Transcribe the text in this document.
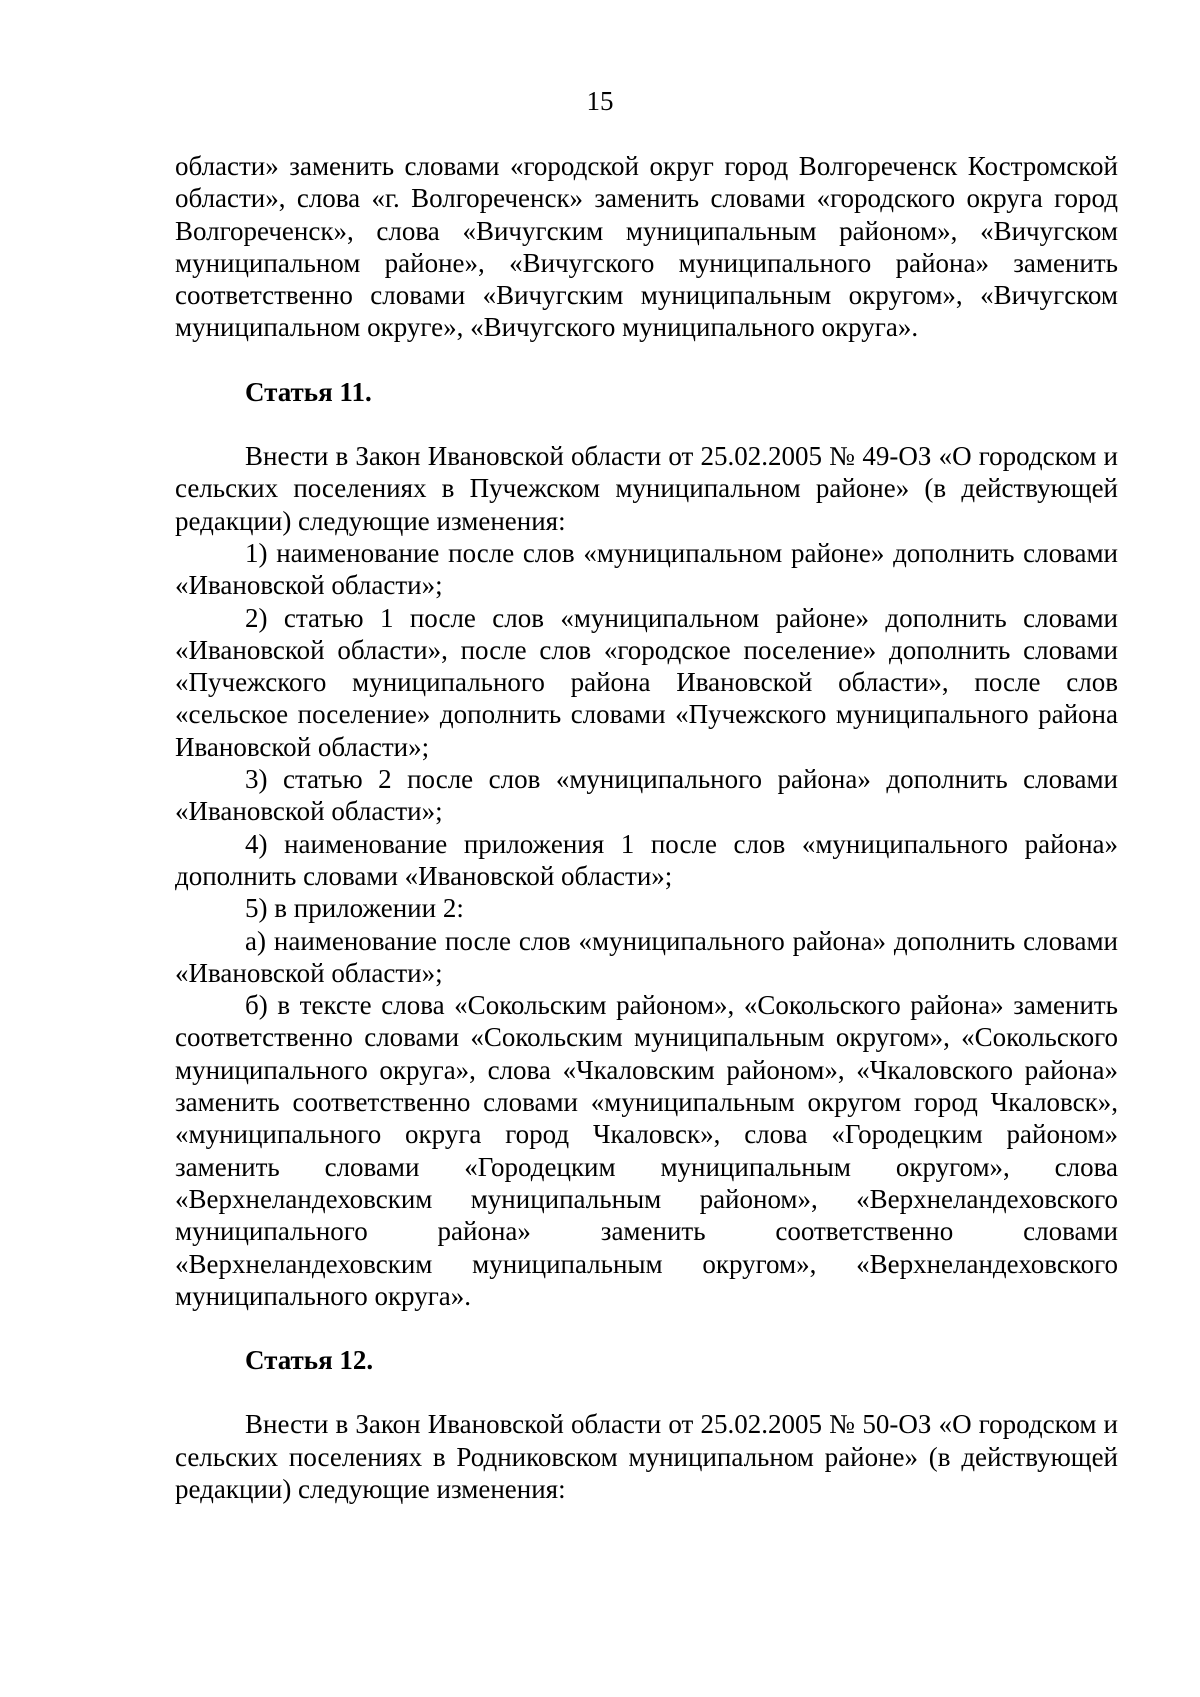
15

области» заменить словами «городской округ город Волгореченск Костромской области», слова «г. Волгореченск» заменить словами «городского округа город Волгореченск», слова «Вичугским муниципальным районом», «Вичугском муниципальном районе», «Вичугского муниципального района» заменить соответственно словами «Вичугским муниципальным округом», «Вичугском муниципальном округе», «Вичугского муниципального округа».

Статья 11.

Внести в Закон Ивановской области от 25.02.2005 № 49-ОЗ «О городском и сельских поселениях в Пучежском муниципальном районе» (в действующей редакции) следующие изменения:

1) наименование после слов «муниципальном районе» дополнить словами «Ивановской области»;

2) статью 1 после слов «муниципальном районе» дополнить словами «Ивановской области», после слов «городское поселение» дополнить словами «Пучежского муниципального района Ивановской области», после слов «сельское поселение» дополнить словами «Пучежского муниципального района Ивановской области»;

3) статью 2 после слов «муниципального района» дополнить словами «Ивановской области»;

4) наименование приложения 1 после слов «муниципального района» дополнить словами «Ивановской области»;

5) в приложении 2:

а) наименование после слов «муниципального района» дополнить словами «Ивановской области»;

б) в тексте слова «Сокольским районом», «Сокольского района» заменить соответственно словами «Сокольским муниципальным округом», «Сокольского муниципального округа», слова «Чкаловским районом», «Чкаловского района» заменить соответственно словами «муниципальным округом город Чкаловск», «муниципального округа город Чкаловск», слова «Городецким районом» заменить словами «Городецким муниципальным округом», слова «Верхнеландеховским муниципальным районом», «Верхнеландеховского муниципального района» заменить соответственно словами «Верхнеландеховским муниципальным округом», «Верхнеландеховского муниципального округа».

Статья 12.

Внести в Закон Ивановской области от 25.02.2005 № 50-ОЗ «О городском и сельских поселениях в Родниковском муниципальном районе» (в действующей редакции) следующие изменения:
